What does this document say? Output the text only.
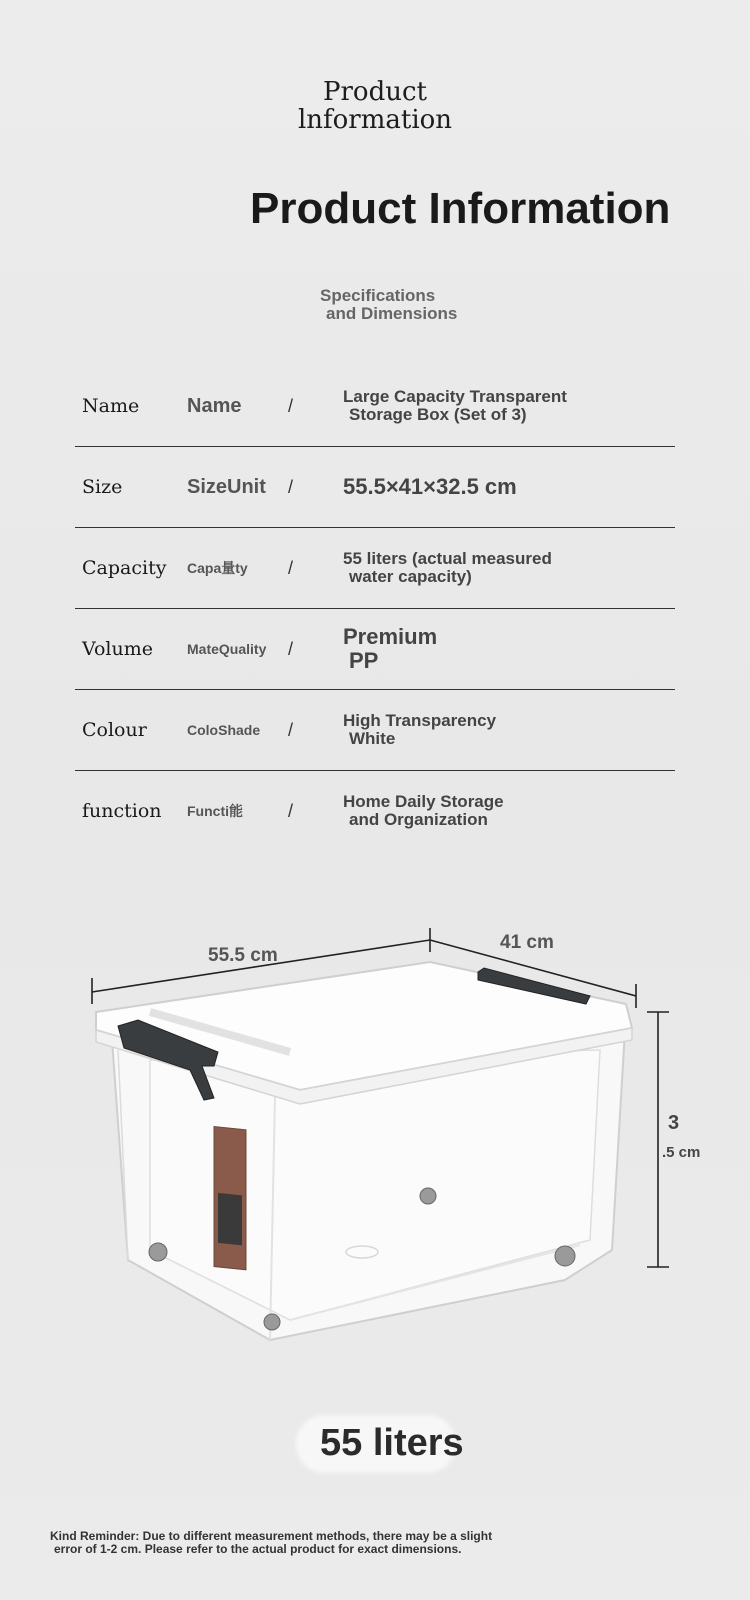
Product
lnformation
Product Information
Specifications
and Dimensions
Name Name	/	Large Capacity Transparent
Storage Box (Set of 3)
Size	SizeUnit / 55.5×41×32.5 cm
Capacity Capa量ty /	55 liters (actual measured
water capacity)
Volume MateQuality / Premium
PP
Colour	ColoShade /	High Transparency
White
function Functi能	/	Home Daily Storage
and Organization
55.5 cm
41 cm
3
.5 cm
55 liters
Kind Reminder: Due to different measurement methods, there may be a slight
error of 1-2 cm. Please refer to the actual product for exact dimensions.
